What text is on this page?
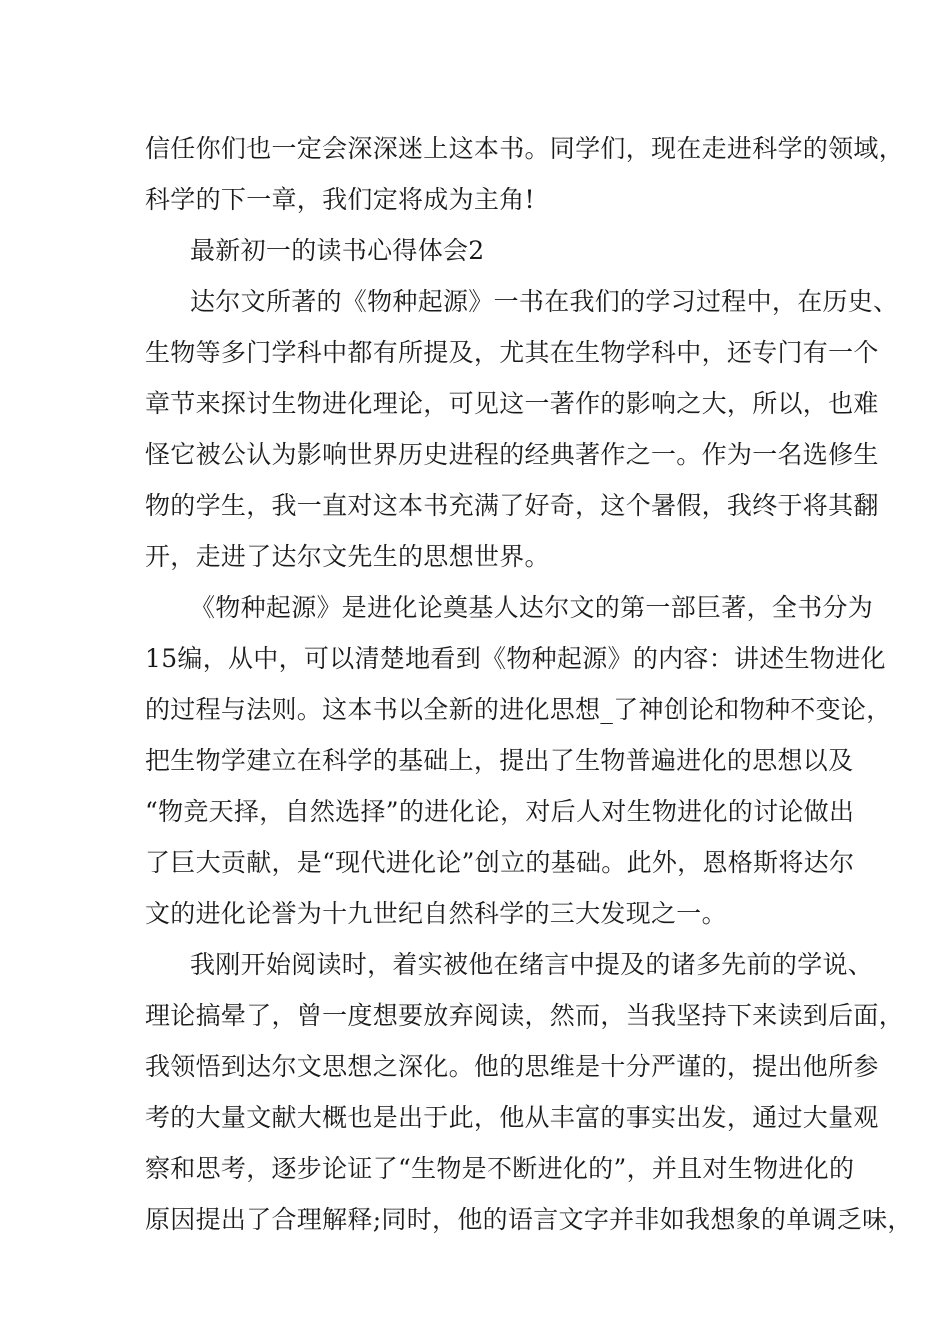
信任你们也一定会深深迷上这本书。同学们，现在走进科学的领域，
科学的下一章，我们定将成为主角!
最新初一的读书心得体会2
达尔文所著的《物种起源》一书在我们的学习过程中，在历史、
生物等多门学科中都有所提及，尤其在生物学科中，还专门有一个
章节来探讨生物进化理论，可见这一著作的影响之大，所以，也难
怪它被公认为影响世界历史进程的经典著作之一。作为一名选修生
物的学生，我一直对这本书充满了好奇，这个暑假，我终于将其翻
开，走进了达尔文先生的思想世界。
《物种起源》是进化论奠基人达尔文的第一部巨著，全书分为
15编，从中，可以清楚地看到《物种起源》的内容：讲述生物进化
的过程与法则。这本书以全新的进化思想_了神创论和物种不变论，
把生物学建立在科学的基础上，提出了生物普遍进化的思想以及
“物竞天择，自然选择”的进化论，对后人对生物进化的讨论做出
了巨大贡献，是“现代进化论”创立的基础。此外，恩格斯将达尔
文的进化论誉为十九世纪自然科学的三大发现之一。
我刚开始阅读时，着实被他在绪言中提及的诸多先前的学说、
理论搞晕了，曾一度想要放弃阅读，然而，当我坚持下来读到后面，
我领悟到达尔文思想之深化。他的思维是十分严谨的，提出他所参
考的大量文献大概也是出于此，他从丰富的事实出发，通过大量观
察和思考，逐步论证了“生物是不断进化的”，并且对生物进化的
原因提出了合理解释;同时，他的语言文字并非如我想象的单调乏味，
